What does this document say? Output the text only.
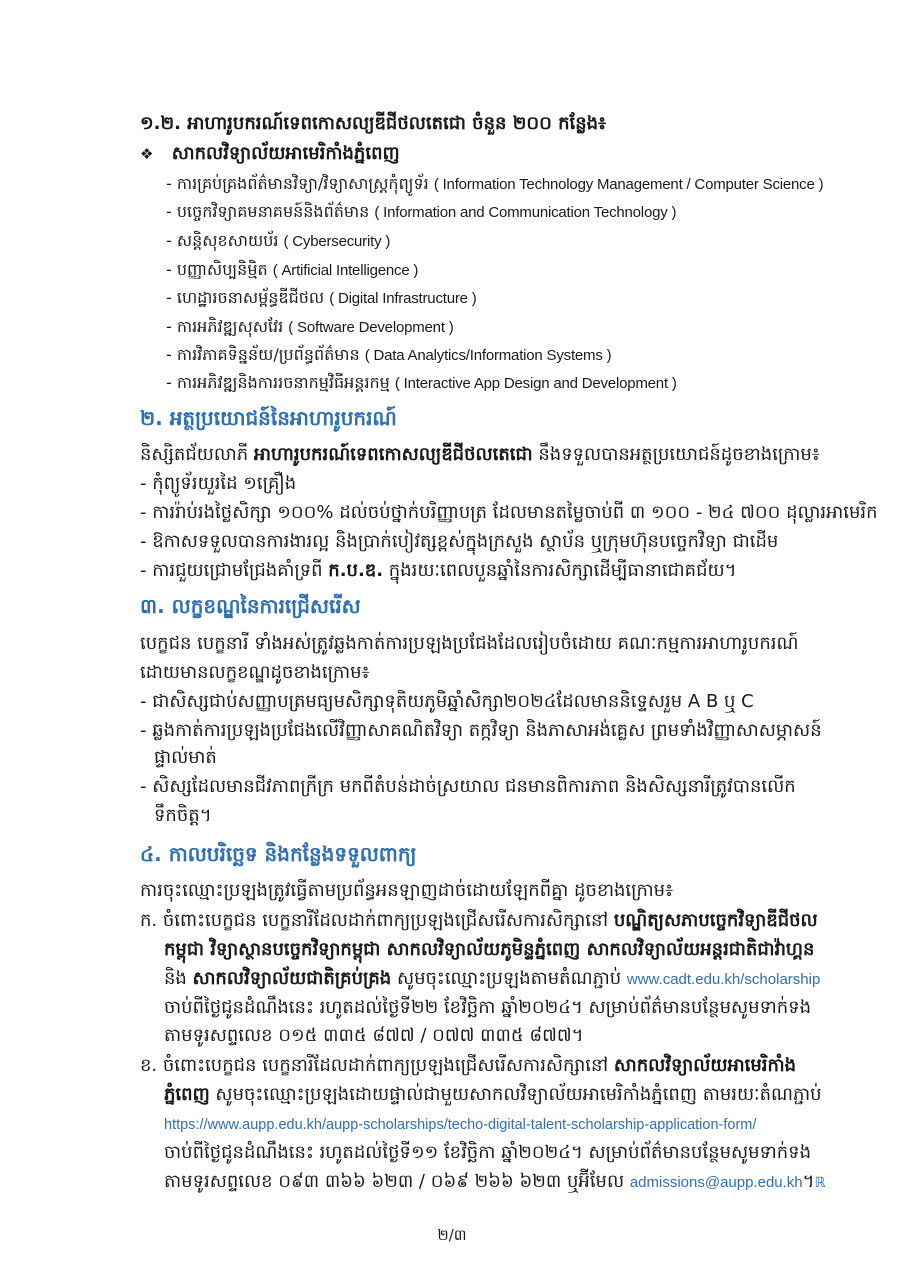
១.២. អាហារូបករណ៍ទេពកោសល្យឌីជីថលតេជោ ចំនួន ២០០ កន្លែង៖
❖ សាកលវិទ្យាល័យអាមេរិកាំងភ្នំពេញ
- ការគ្រប់គ្រងព័ត៌មានវិទ្យា/វិទ្យាសាស្ត្រកុំព្យូទ័រ ( Information Technology Management / Computer Science )
- បច្ចេកវិទ្យាគមនាគមន៍និងព័ត៌មាន ( Information and Communication Technology )
- សន្តិសុខសាយប័រ ( Cybersecurity )
- បញ្ញាសិប្បនិម្មិត ( Artificial Intelligence )
- ហេដ្ឋារចនាសម្ព័ន្ធឌីជីថល ( Digital Infrastructure )
- ការអភិវឌ្ឍសុសវែរ ( Software Development )
- ការវិភាគទិន្នន័យ/ប្រព័ន្ធព័ត៌មាន ( Data Analytics/Information Systems )
- ការអភិវឌ្ឍនិងការរចនាកម្មវិធីអន្តរកម្ម ( Interactive App Design and Development )
២. អត្ថប្រយោជន៍នៃអាហារូបករណ៍
និស្សិតជ័យលាភី អាហារូបករណ៍ទេពកោសល្យឌីជីថលតេជោ នឹងទទួលបានអត្ថប្រយោជន៍ដូចខាងក្រោម៖
- កុំព្យូទ័រយួរដៃ ១គ្រឿង
- ការរ៉ាប់រងថ្លៃសិក្សា ១០០% ដល់ចប់ថ្នាក់បរិញ្ញាបត្រ ដែលមានតម្លៃចាប់ពី ៣ ១០០ - ២៤ ៧០០ ដុល្លារអាមេរិក
- ឱកាសទទួលបានការងារល្អ និងប្រាក់បៀវត្សខ្ពស់ក្នុងក្រសួង ស្ថាប័ន ឬក្រុមហ៊ុនបច្ចេកវិទ្យា ជាដើម
- ការជួយជ្រោមជ្រែងគាំទ្រពី ក.ប.ឌ. ក្នុងរយៈពេលបួនឆ្នាំនៃការសិក្សាដើម្បីធានាជោគជ័យ។
៣. លក្ខខណ្ឌនៃការជ្រើសរើស
បេក្ខជន បេក្ខនារី ទាំងអស់ត្រូវឆ្លងកាត់ការប្រឡងប្រជែងដែលរៀបចំដោយ គណៈកម្មការអាហារូបករណ៍
ដោយមានលក្ខខណ្ឌដូចខាងក្រោម៖
- ជាសិស្សជាប់សញ្ញាបត្រមធ្យមសិក្សាទុតិយភូមិឆ្នាំសិក្សា២០២៤ដែលមាននិទ្ទេសរួម A B ឬ C
- ឆ្លងកាត់ការប្រឡងប្រជែងលើវិញ្ញាសាគណិតវិទ្យា តក្កវិទ្យា និងភាសាអង់គ្លេស ព្រមទាំងវិញ្ញាសាសម្ភាសន៍
ផ្ទាល់មាត់
- សិស្សដែលមានជីវភាពក្រីក្រ មកពីតំបន់ដាច់ស្រយាល ជនមានពិការភាព និងសិស្សនារីត្រូវបានលើក
ទឹកចិត្ត។
៤. កាលបរិច្ឆេទ និងកន្លែងទទួលពាក្យ
ការចុះឈ្មោះប្រឡងត្រូវធ្វើតាមប្រព័ន្ធអនឡាញដាច់ដោយឡែកពីគ្នា ដូចខាងក្រោម៖
ក. ចំពោះបេក្ខជន បេក្ខនារីដែលដាក់ពាក្យប្រឡងជ្រើសរើសការសិក្សានៅ បណ្ឌិត្យសភាបច្ចេកវិទ្យាឌីជីថល
កម្ពុជា វិទ្យាស្ថានបច្ចេកវិទ្យាកម្ពុជា សាកលវិទ្យាល័យភូមិន្ទភ្នំពេញ សាកលវិទ្យាល័យអន្តរជាតិជាវ៉ាហ្គន
និង សាកលវិទ្យាល័យជាតិគ្រប់គ្រង សូមចុះឈ្មោះប្រឡងតាមតំណភ្ជាប់ www.cadt.edu.kh/scholarship
ចាប់ពីថ្ងៃជូនដំណឹងនេះ រហូតដល់ថ្ងៃទី២២ ខែវិច្ឆិកា ឆ្នាំ២០២៤។ សម្រាប់ព័ត៌មានបន្ថែមសូមទាក់ទង
តាមទូរសព្ទលេខ ០១៥ ៣៣៥ ៨៧៧ / ០៧៧ ៣៣៥ ៨៧៧។
ខ. ចំពោះបេក្ខជន បេក្ខនារីដែលដាក់ពាក្យប្រឡងជ្រើសរើសការសិក្សានៅ សាកលវិទ្យាល័យអាមេរិកាំង
ភ្នំពេញ សូមចុះឈ្មោះប្រឡងដោយផ្ទាល់ជាមួយសាកលវិទ្យាល័យអាមេរិកាំងភ្នំពេញ តាមរយៈតំណភ្ជាប់
https://www.aupp.edu.kh/aupp-scholarships/techo-digital-talent-scholarship-application-form/
ចាប់ពីថ្ងៃជូនដំណឹងនេះ រហូតដល់ថ្ងៃទី១១ ខែវិច្ឆិកា ឆ្នាំ២០២៤។ សម្រាប់ព័ត៌មានបន្ថែមសូមទាក់ទង
តាមទូរសព្ទលេខ ០៩៣ ៣៦៦ ៦២៣ / ០៦៩ ២៦៦ ៦២៣ ឬអ៊ីមែល admissions@aupp.edu.kh។ℝ
២/៣
